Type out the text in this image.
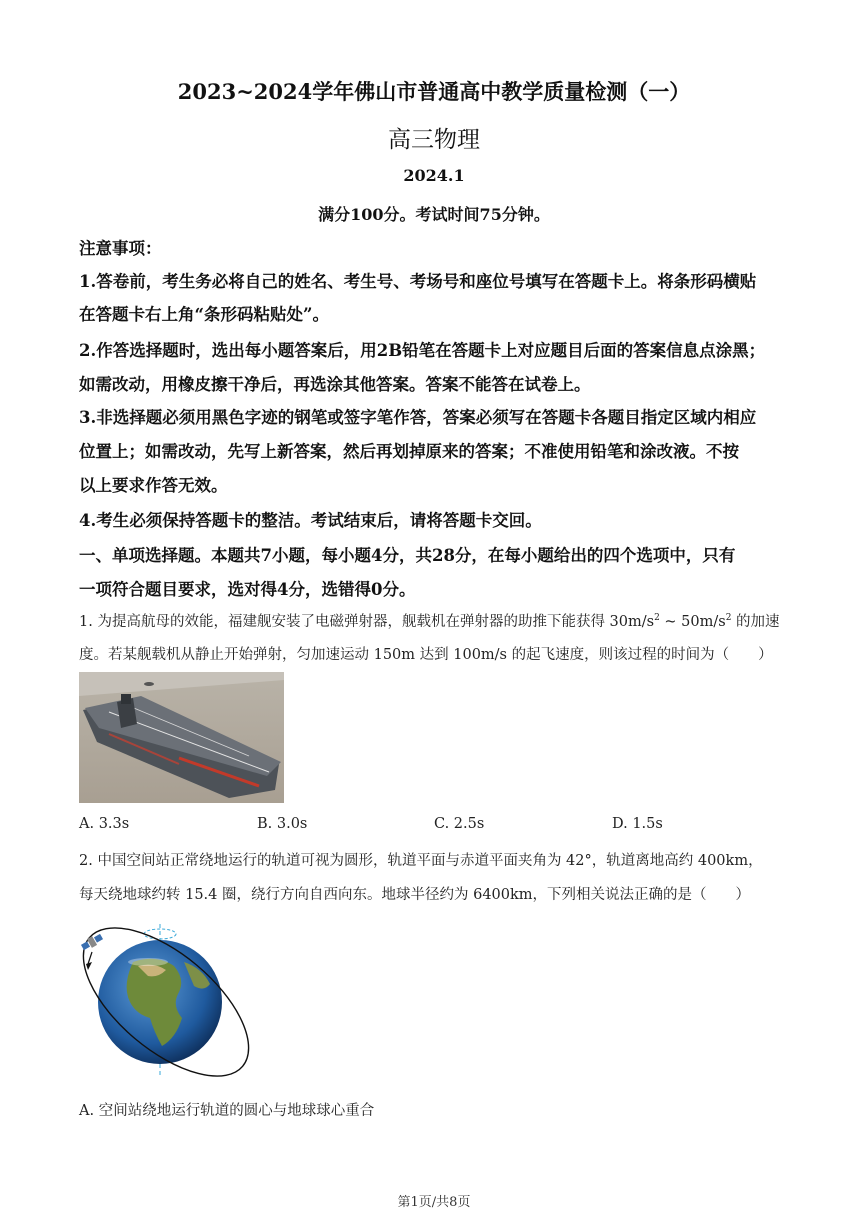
2023~2024学年佛山市普通高中教学质量检测（一）
高三物理
2024.1
满分100分。考试时间75分钟。
注意事项：
1.答卷前，考生务必将自己的姓名、考生号、考场号和座位号填写在答题卡上。将条形码横贴
在答题卡右上角“条形码粘贴处”。
2.作答选择题时，选出每小题答案后，用2B铅笔在答题卡上对应题目后面的答案信息点涂黑；
如需改动，用橡皮擦干净后，再选涂其他答案。答案不能答在试卷上。
3.非选择题必须用黑色字迹的钢笔或签字笔作答，答案必须写在答题卡各题目指定区域内相应
位置上；如需改动，先写上新答案，然后再划掉原来的答案；不准使用铅笔和涂改液。不按
以上要求作答无效。
4.考生必须保持答题卡的整洁。考试结束后，请将答题卡交回。
一、单项选择题。本题共7小题，每小题4分，共28分，在每小题给出的四个选项中，只有
一项符合题目要求，选对得4分，选错得0分。
1. 为提高航母的效能，福建舰安装了电磁弹射器，舰载机在弹射器的助推下能获得 $30m/s^2$ ~ $50m/s^2$ 的加速
度。若某舰载机从静止开始弹射，匀加速运动 150m 达到 100m/s 的起飞速度，则该过程的时间为（　　）
A. 3.3s	B. 3.0s	C. 2.5s	D. 1.5s
2. 中国空间站正常绕地运行的轨道可视为圆形，轨道平面与赤道平面夹角为 42°，轨道离地高约 400km，
每天绕地球约转 15.4 圈，绕行方向自西向东。地球半径约为 6400km，下列相关说法正确的是（　　）
A. 空间站绕地运行轨道的圆心与地球球心重合
第1页/共8页
